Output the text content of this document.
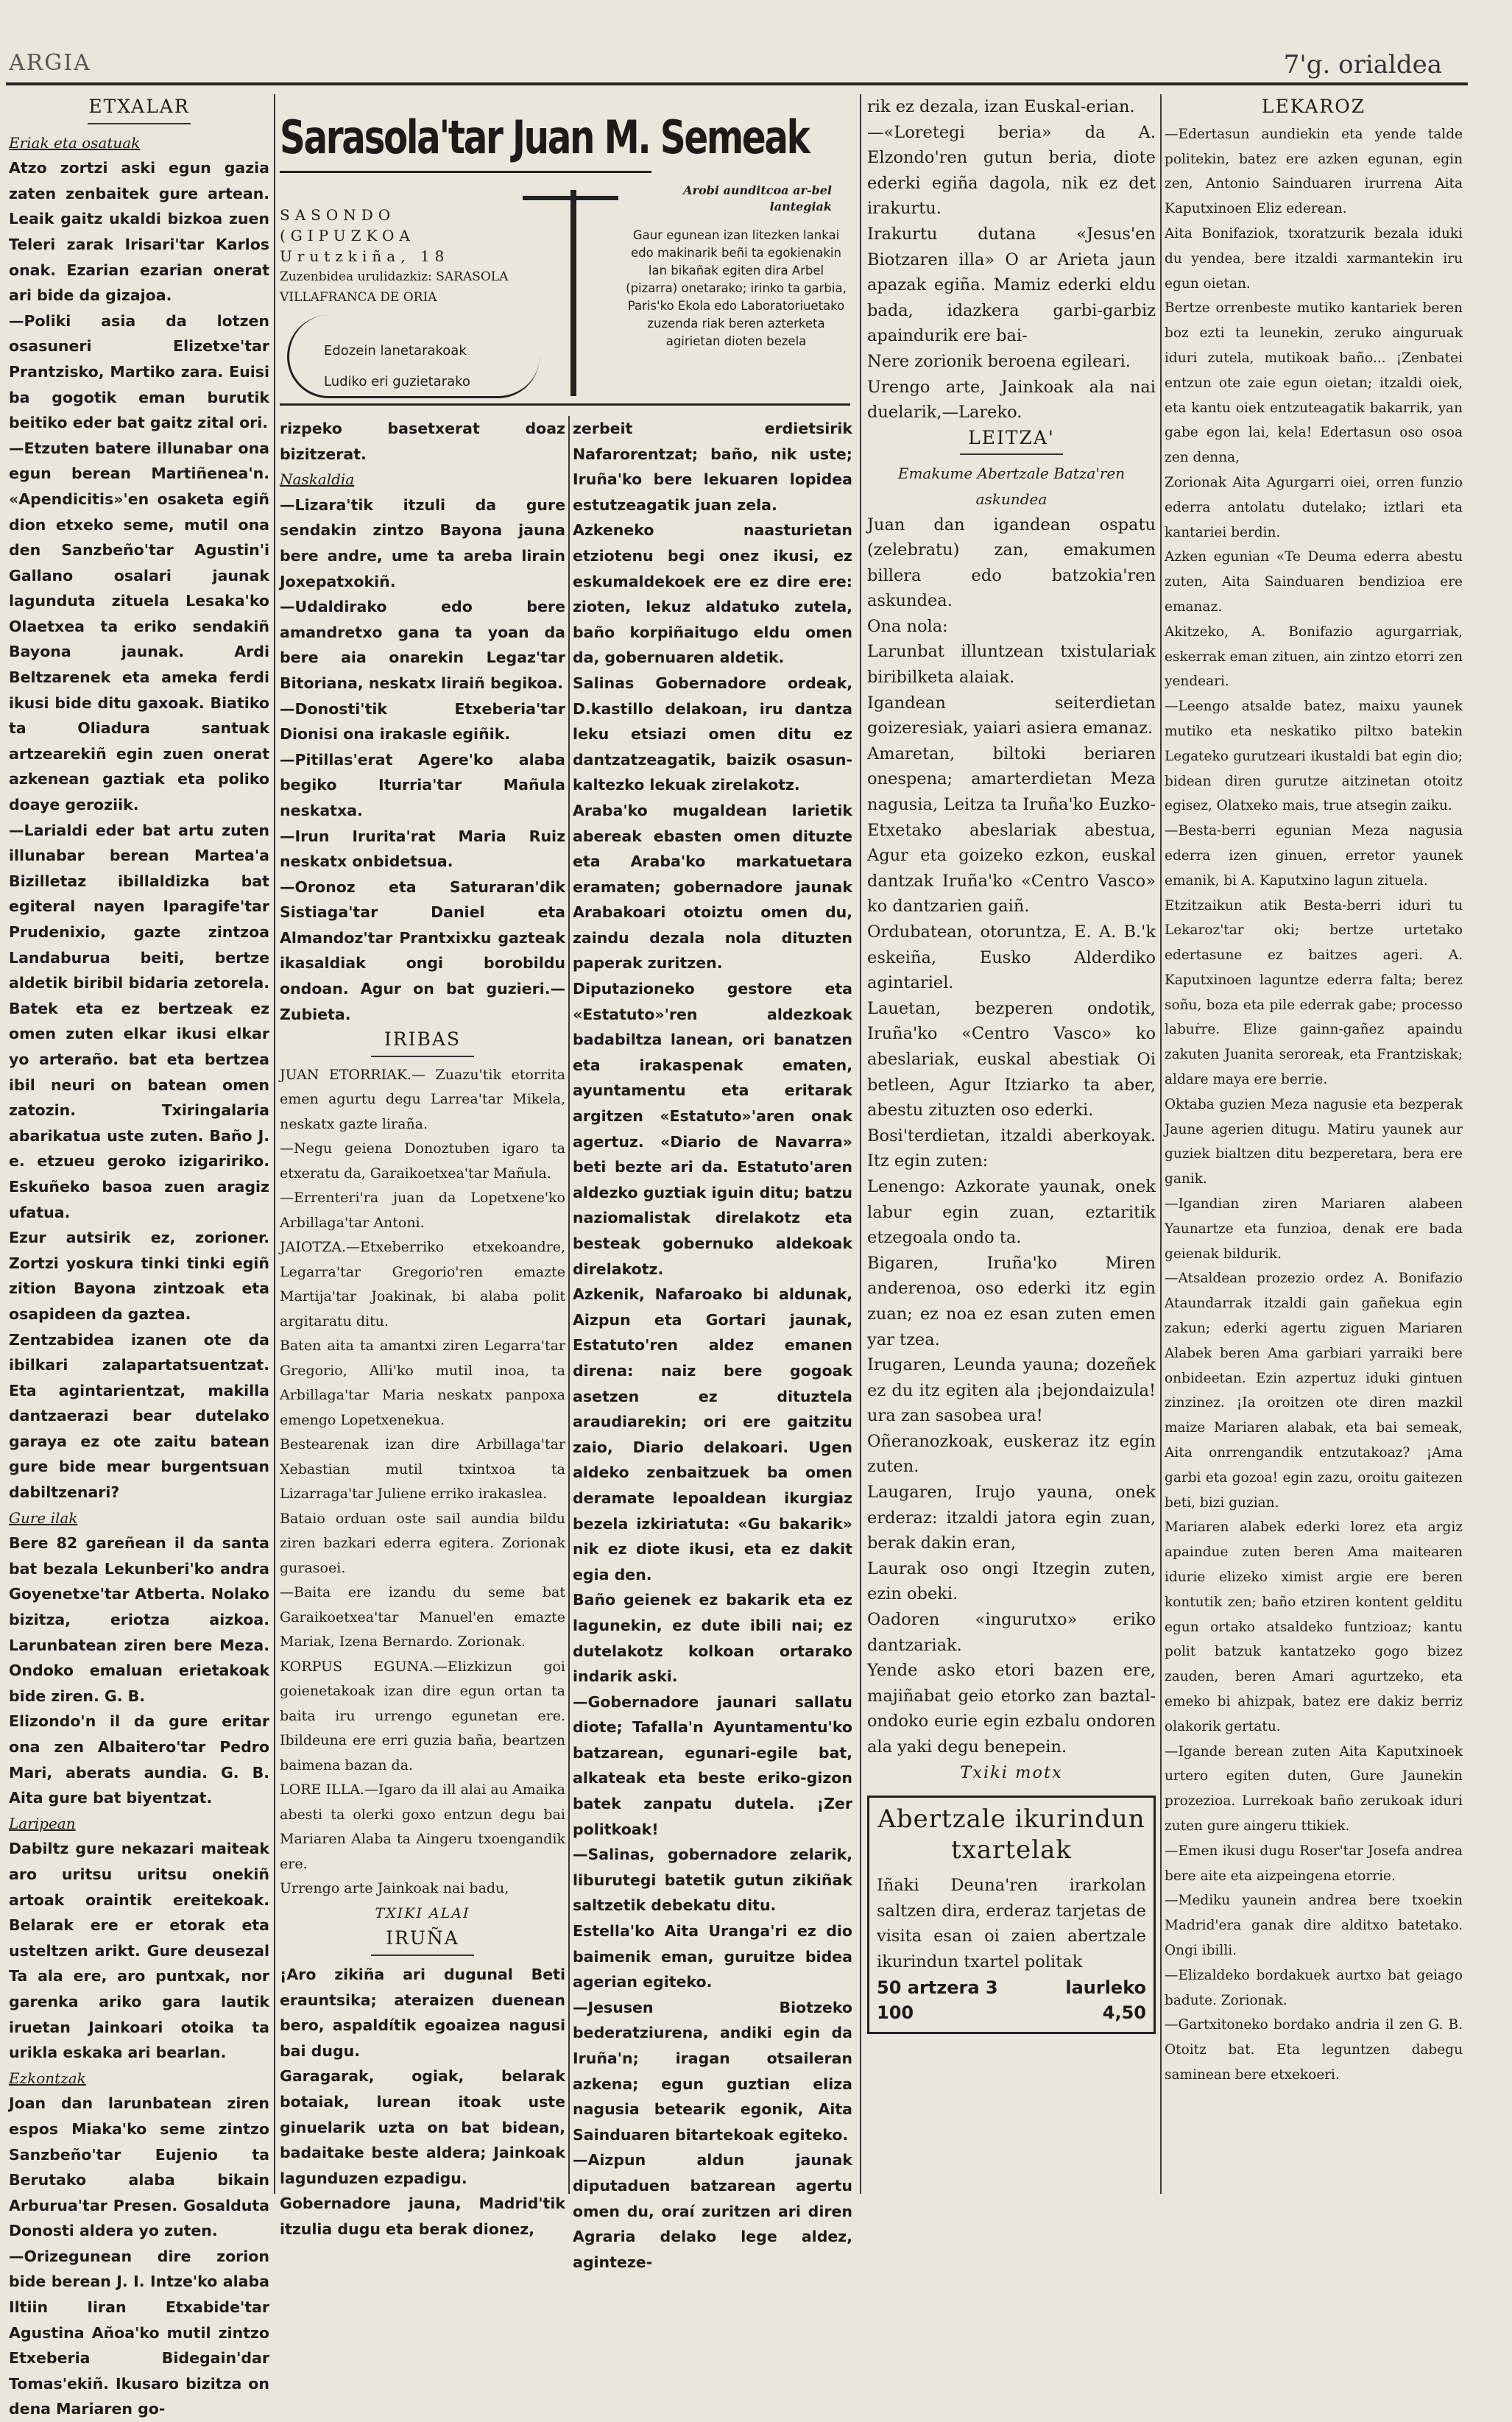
ARGIA	7'g. orialdea
ETXALAR

Eriak eta osatuak

Atzo zortzi aski egun gazia zaten zenbaitek gure artean. Leaik gaitz ukaldi bizkoa zuen Teleri zarak Irisari'tar Karlos onak. Ezarian ezarian onerat ari bide da gizajoa.

—Poliki asia da lotzen osasuneri Elizetxe'tar Prantzisko, Martiko zara. Euisi ba gogotik eman burutik beitiko eder bat gaitz zital ori.

—Etzuten batere illunabar ona egun berean Martiñenea'n. «Apendicitis»'en osaketa egiñ dion etxeko seme, mutil ona den Sanzbeño'tar Agustin'i Gallano osalari jaunak lagunduta zituela Lesaka'ko Olaetxea ta eriko sendakiñ Bayona jaunak. Ardi Beltzarenek eta ameka ferdi ikusi bide ditu gaxoak. Biatiko ta Oliadura santuak artzearekiñ egin zuen onerat azkenean gaztiak eta poliko doaye geroziik.

—Larialdi eder bat artu zuten illunabar berean Martea'a Bizilletaz ibillaldizka bat egiteral nayen Iparagife'tar Prudenixio, gazte zintzoa Landaburua beiti, bertze aldetik biribil bidaria zetorela. Batek eta ez bertzeak ez omen zuten elkar ikusi elkar yo arteraño. bat eta bertzea ibil neuri on batean omen zatozin. Txiringalaria abarikatua uste zuten. Baño J. e. etzueu geroko izigaririko. Eskuñeko basoa zuen aragiz ufatua.

Ezur autsirik ez, zorioner. Zortzi yoskura tinki tinki egiñ zition Bayona zintzoak eta osapideen da gaztea.

Zentzabidea izanen ote da ibilkari zalapartatsuentzat. Eta agintarientzat, makilla dantzaerazi bear dutelako garaya ez ote zaitu batean gure bide mear burgentsuan dabiltzenari?

Gure ilak

Bere 82 gareñean il da santa bat bezala Lekunberi'ko andra Goyenetxe'tar Atberta. Nolako bizitza, eriotza aizkoa. Larunbatean ziren bere Meza. Ondoko emaluan erietakoak bide ziren. G. B.

Elizondo'n il da gure eritar ona zen Albaitero'tar Pedro Mari, aberats aundia. G. B. Aita gure bat biyentzat.

Laripean

Dabiltz gure nekazari maiteak aro uritsu uritsu onekiñ artoak oraintik ereitekoak. Belarak ere er etorak eta usteltzen arikt. Gure deusezal Ta ala ere, aro puntxak, nor garenka ariko gara lautik iruetan Jainkoari otoika ta urikla eskaka ari bearlan.

Ezkontzak

Joan dan larunbatean ziren espos Miaka'ko seme zintzo Sanzbeño'tar Eujenio ta Berutako alaba bikain Arburua'tar Presen. Gosalduta Donosti aldera yo zuten.

—Orizegunean dire zorion bide berean J. I. Intze'ko alaba Iltiin Iiran Etxabide'tar Agustina Añoa'ko mutil zintzo Etxeberia Bidegain'dar Tomas'ekiñ. Ikusaro bizitza on dena Mariaren go-

Sarasola'tar Juan M. Semeak
Arobi aunditcoa ar-bel lantegiak
SASONDO (GIPUZKOA
Urutzkiña, 18
Zuzenbidea urulidazkiz: SARASOLA VILLAFRANCA DE ORIA
Edozein lanetarakoak
Ludiko eri guzietarako
Gaur egunean izan litezken lankai edo makinarik beñi ta egokienakin lan bikañak egiten dira Arbel (pizarra) onetarako; irinko ta garbia, Paris'ko Ekola edo Laboratoriuetako zuzenda riak beren azterketa agirietan dioten bezela

rizpeko basetxerat doaz bizitzerat.

Naskaldia

—Lizara'tik itzuli da gure sendakin zintzo Bayona jauna bere andre, ume ta areba lirain Joxepatxokiñ.

—Udaldirako edo bere amandretxo gana ta yoan da bere aia onarekin Legaz'tar Bitoriana, neskatx liraiñ begikoa.

—Donosti'tik Etxeberia'tar Dionisi ona irakasle egiñik.

—Pitillas'erat Agere'ko alaba begiko Iturria'tar Mañula neskatxa.

—Irun Irurita'rat Maria Ruiz neskatx onbidetsua.

—Oronoz eta Saturaran'dik Sistiaga'tar Daniel eta Almandoz'tar Prantxixku gazteak ikasaldiak ongi borobildu ondoan. Agur on bat guzieri.—Zubieta.

IRIBAS

JUAN ETORRIAK.— Zuazu'tik etorrita emen agurtu degu Larrea'tar Mikela, neskatx gazte liraña.

—Negu geiena Donoztuben igaro ta etxeratu da, Garaikoetxea'tar Mañula.

—Errenteri'ra juan da Lopetxene'ko Arbillaga'tar Antoni.

JAIOTZA.—Etxeberriko etxekoandre, Legarra'tar Gregorio'ren emazte Martija'tar Joakinak, bi alaba polit argitaratu ditu.

Baten aita ta amantxi ziren Legarra'tar Gregorio, Alli'ko mutil inoa, ta Arbillaga'tar Maria neskatx panpoxa emengo Lopetxenekua.

Bestearenak izan dire Arbillaga'tar Xebastian mutil txintxoa ta Lizarraga'tar Juliene erriko irakaslea.

Bataio orduan oste sail aundia bildu ziren bazkari ederra egitera. Zorionak gurasoei.

—Baita ere izandu du seme bat Garaikoetxea'tar Manuel'en emazte Mariak, Izena Bernardo. Zorionak.

KORPUS EGUNA.—Elizkizun goi goienetakoak izan dire egun ortan ta baita iru urrengo egunetan ere. Ibildeuna ere erri guzia baña, beartzen baimena bazan da.

LORE ILLA.—Igaro da ill alai au Amaika abesti ta olerki goxo entzun degu bai Mariaren Alaba ta Aingeru txoengandik ere.

Urrengo arte Jainkoak nai badu,

TXIKI ALAI

IRUÑA

¡Aro zikiña ari dugunal Beti erauntsika; ateraizen duenean bero, aspaldítik egoaizea nagusi bai dugu.

Garagarak, ogiak, belarak botaiak, lurean itoak uste ginuelarik uzta on bat bidean, badaitake beste aldera; Jainkoak lagunduzen ezpadigu.

Gobernadore jauna, Madrid'tik itzulia dugu eta berak dionez,

zerbeit erdietsirik Nafarorentzat; baño, nik uste; Iruña'ko bere lekuaren lopidea estutzeagatik juan zela.

Azkeneko naasturietan etziotenu begi onez ikusi, ez eskumaldekoek ere ez dire ere: zioten, lekuz aldatuko zutela, baño korpiñaitugo eldu omen da, gobernuaren aldetik.

Salinas Gobernadore ordeak, D.kastillo delakoan, iru dantza leku etsiazi omen ditu ez dantzatzeagatik, baizik osasun-kaltezko lekuak zirelakotz.

Araba'ko mugaldean larietik abereak ebasten omen dituzte eta Araba'ko markatuetara eramaten; gobernadore jaunak Arabakoari otoiztu omen du, zaindu dezala nola dituzten paperak zuritzen.

Diputazioneko gestore eta «Estatuto»'ren aldezkoak badabiltza lanean, ori banatzen eta irakaspenak ematen, ayuntamentu eta eritarak argitzen «Estatuto»'aren onak agertuz. «Diario de Navarra» beti bezte ari da. Estatuto'aren aldezko guztiak iguin ditu; batzu naziomalistak direlakotz eta besteak gobernuko aldekoak direlakotz.

Azkenik, Nafaroako bi aldunak, Aizpun eta Gortari jaunak, Estatuto'ren aldez emanen direna: naiz bere gogoak asetzen ez dituztela araudiarekin; ori ere gaitzitu zaio, Diario delakoari. Ugen aldeko zenbaitzuek ba omen deramate lepoaldean ikurgiaz bezela izkiriatuta: «Gu bakarik» nik ez diote ikusi, eta ez dakit egia den.

Baño geienek ez bakarik eta ez lagunekin, ez dute ibili nai; ez dutelakotz kolkoan ortarako indarik aski.

—Gobernadore jaunari sallatu diote; Tafalla'n Ayuntamentu'ko batzarean, egunari-egile bat, alkateak eta beste eriko-gizon batek zanpatu dutela. ¡Zer politkoak!

—Salinas, gobernadore zelarik, liburutegi batetik gutun zikiñak saltzetik debekatu ditu.

Estella'ko Aita Uranga'ri ez dio baimenik eman, guruitze bidea agerian egiteko.

—Jesusen Biotzeko bederatziurena, andiki egin da Iruña'n; iragan otsaileran azkena; egun guztian eliza nagusia betearik egonik, Aita Sainduaren bitartekoak egiteko.

—Aizpun aldun jaunak diputaduen batzarean agertu omen du, oraí zuritzen ari diren Agraria delako lege aldez, aginteze-

rik ez dezala, izan Euskal-erian.

—«Loretegi beria» da A. Elzondo'ren gutun beria, diote ederki egiña dagola, nik ez det irakurtu.

Irakurtu dutana «Jesus'en Biotzaren illa» O ar Arieta jaun apazak egiña. Mamiz ederki eldu bada, idazkera garbi-garbiz apaindurik ere bai-

Nere zorionik beroena egileari.

Urengo arte, Jainkoak ala nai duelarik,—Lareko.

LEITZA'

Emakume Abertzale Batza'ren askundea

Juan dan igandean ospatu (zelebratu) zan, emakumen billera edo batzokia'ren askundea.

Ona nola:

Larunbat illuntzean txistulariak biribilketa alaiak.

Igandean seiterdietan goizeresiak, yaiari asiera emanaz.

Amaretan, biltoki beriaren onespena; amarterdietan Meza nagusia, Leitza ta Iruña'ko Euzko-Etxetako abeslariak abestua, Agur eta goizeko ezkon, euskal dantzak Iruña'ko «Centro Vasco» ko dantzarien gaiñ.

Ordubatean, otoruntza, E. A. B.'k eskeiña, Eusko Alderdiko agintariel.

Lauetan, bezperen ondotik, Iruña'ko «Centro Vasco» ko abeslariak, euskal abestiak Oi betleen, Agur Itziarko ta aber, abestu zituzten oso ederki.

Bosi'terdietan, itzaldi aberkoyak. Itz egin zuten:

Lenengo: Azkorate yaunak, onek labur egin zuan, eztaritik etzegoala ondo ta.

Bigaren, Iruña'ko Miren anderenoa, oso ederki itz egin zuan; ez noa ez esan zuten emen yar tzea.

Irugaren, Leunda yauna; dozeñek ez du itz egiten ala ¡bejondaizula! ura zan sasobea ura!

Oñeranozkoak, euskeraz itz egin zuten.

Laugaren, Irujo yauna, onek erderaz: itzaldi jatora egin zuan, berak dakin eran,

Laurak oso ongi Itzegin zuten, ezin obeki.

Oadoren «ingurutxo» eriko dantzariak.

Yende asko etori bazen ere, majiñabat geio etorko zan baztal-ondoko eurie egin ezbalu ondoren ala yaki degu benepein.

Txiki motx

Abertzale ikurindun txartelak

Iñaki Deuna'ren irarkolan saltzen dira, erderaz tarjetas de visita esan oi zaien abertzale ikurindun txartel politak

50 artzera 3	laurleko
100	4,50
LEKAROZ

—Edertasun aundiekin eta yende talde politekin, batez ere azken egunan, egin zen, Antonio Sainduaren irurrena Aita Kaputxinoen Eliz ederean.

Aita Bonifaziok, txoratzurik bezala iduki du yendea, bere itzaldi xarmantekin iru egun oietan.

Bertze orrenbeste mutiko kantariek beren boz ezti ta leunekin, zeruko ainguruak iduri zutela, mutikoak baño... ¡Zenbatei entzun ote zaie egun oietan; itzaldi oiek, eta kantu oiek entzuteagatik bakarrik, yan gabe egon lai, kela! Edertasun oso osoa zen denna,

Zorionak Aita Agurgarri oiei, orren funzio ederra antolatu dutelako; iztlari eta kantariei berdin.

Azken egunian «Te Deuma ederra abestu zuten, Aita Sainduaren bendizioa ere emanaz.

Akitzeko, A. Bonifazio agurgarriak, eskerrak eman zituen, ain zintzo etorri zen yendeari.

—Leengo atsalde batez, maixu yaunek mutiko eta neskatiko piltxo batekin Legateko gurutzeari ikustaldi bat egin dio; bidean diren gurutze aitzinetan otoitz egisez, Olatxeko mais, true atsegin zaiku.

—Besta-berri egunian Meza nagusia ederra izen ginuen, erretor yaunek emanik, bi A. Kaputxino lagun zituela.

Etzitzaikun atik Besta-berri iduri tu Lekaroz'tar oki; bertze urtetako edertasune ez baitzes ageri. A. Kaputxinoen laguntze ederra falta; berez soñu, boza eta pile ederrak gabe; processo labuṙre. Elize gainn-gañez apaindu zakuten Juanita seroreak, eta Frantziskak; aldare maya ere berrie.

Oktaba guzien Meza nagusie eta bezperak Jaune agerien ditugu. Matiru yaunek aur guziek bialtzen ditu bezperetara, bera ere ganik.

—Igandian ziren Mariaren alabeen Yaunartze eta funzioa, denak ere bada geienak bildurik.

—Atsaldean prozezio ordez A. Bonifazio Ataundarrak itzaldi gain gañekua egin zakun; ederki agertu ziguen Mariaren Alabek beren Ama garbiari yarraiki bere onbideetan. Ezin azpertuz iduki gintuen zinzinez. ¡Ia oroitzen ote diren mazkil maize Mariaren alabak, eta bai semeak, Aita onrrengandik entzutakoaz? ¡Ama garbi eta gozoa! egin zazu, oroitu gaitezen beti, bizi guzian.

Mariaren alabek ederki lorez eta argiz apaindue zuten beren Ama maitearen idurie elizeko ximist argie ere beren kontutik zen; baño etziren kontent gelditu egun ortako atsaldeko funtzioaz; kantu polit batzuk kantatzeko gogo bizez zauden, beren Amari agurtzeko, eta emeko bi ahizpak, batez ere dakiz berriz olakorik gertatu.

—Igande berean zuten Aita Kaputxinoek urtero egiten duten, Gure Jaunekin prozezioa. Lurrekoak baño zerukoak iduri zuten gure aingeru ttikiek.

—Emen ikusi dugu Roser'tar Josefa andrea bere aite eta aizpeingena etorrie.

—Mediku yaunein andrea bere txoekin Madrid'era ganak dire alditxo batetako. Ongi ibilli.

—Elizaldeko bordakuek aurtxo bat geiago badute. Zorionak.

—Gartxitoneko bordako andria il zen G. B. Otoitz bat. Eta leguntzen dabegu saminean bere etxekoeri.
